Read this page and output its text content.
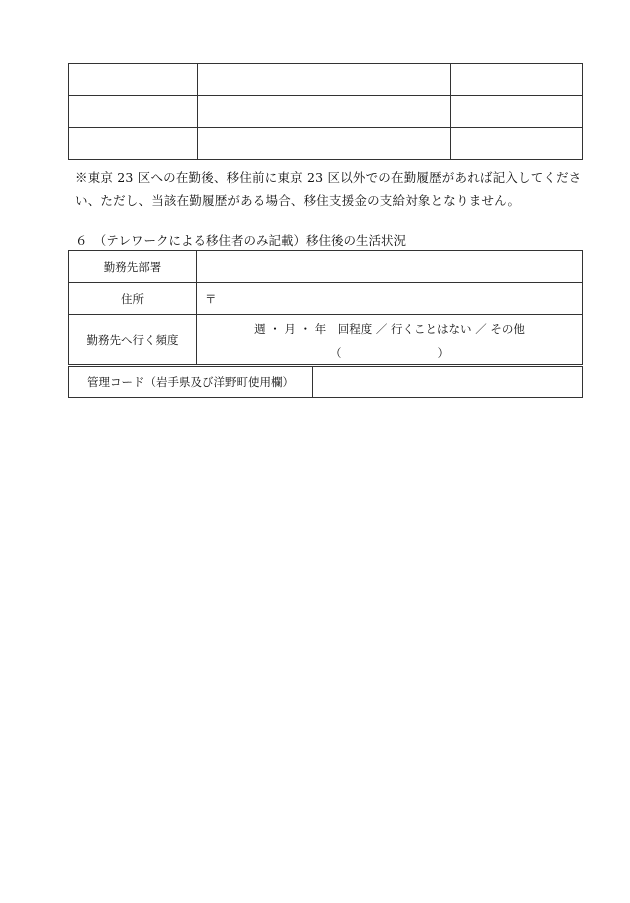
※東京 23 区への在勤後、移住前に東京 23 区以外での在勤履歴があれば記入してください、ただし、当該在勤履歴がある場合、移住支援金の支給対象となりません。
６　（テレワークによる移住者のみ記載）移住後の生活状況
勤務先部署	
住所	〒
勤務先へ行く頻度	週 ・ 月 ・ 年　回程度 ／ 行くことはない ／ その他
（ ）
管理コード（岩手県及び洋野町使用欄）	
